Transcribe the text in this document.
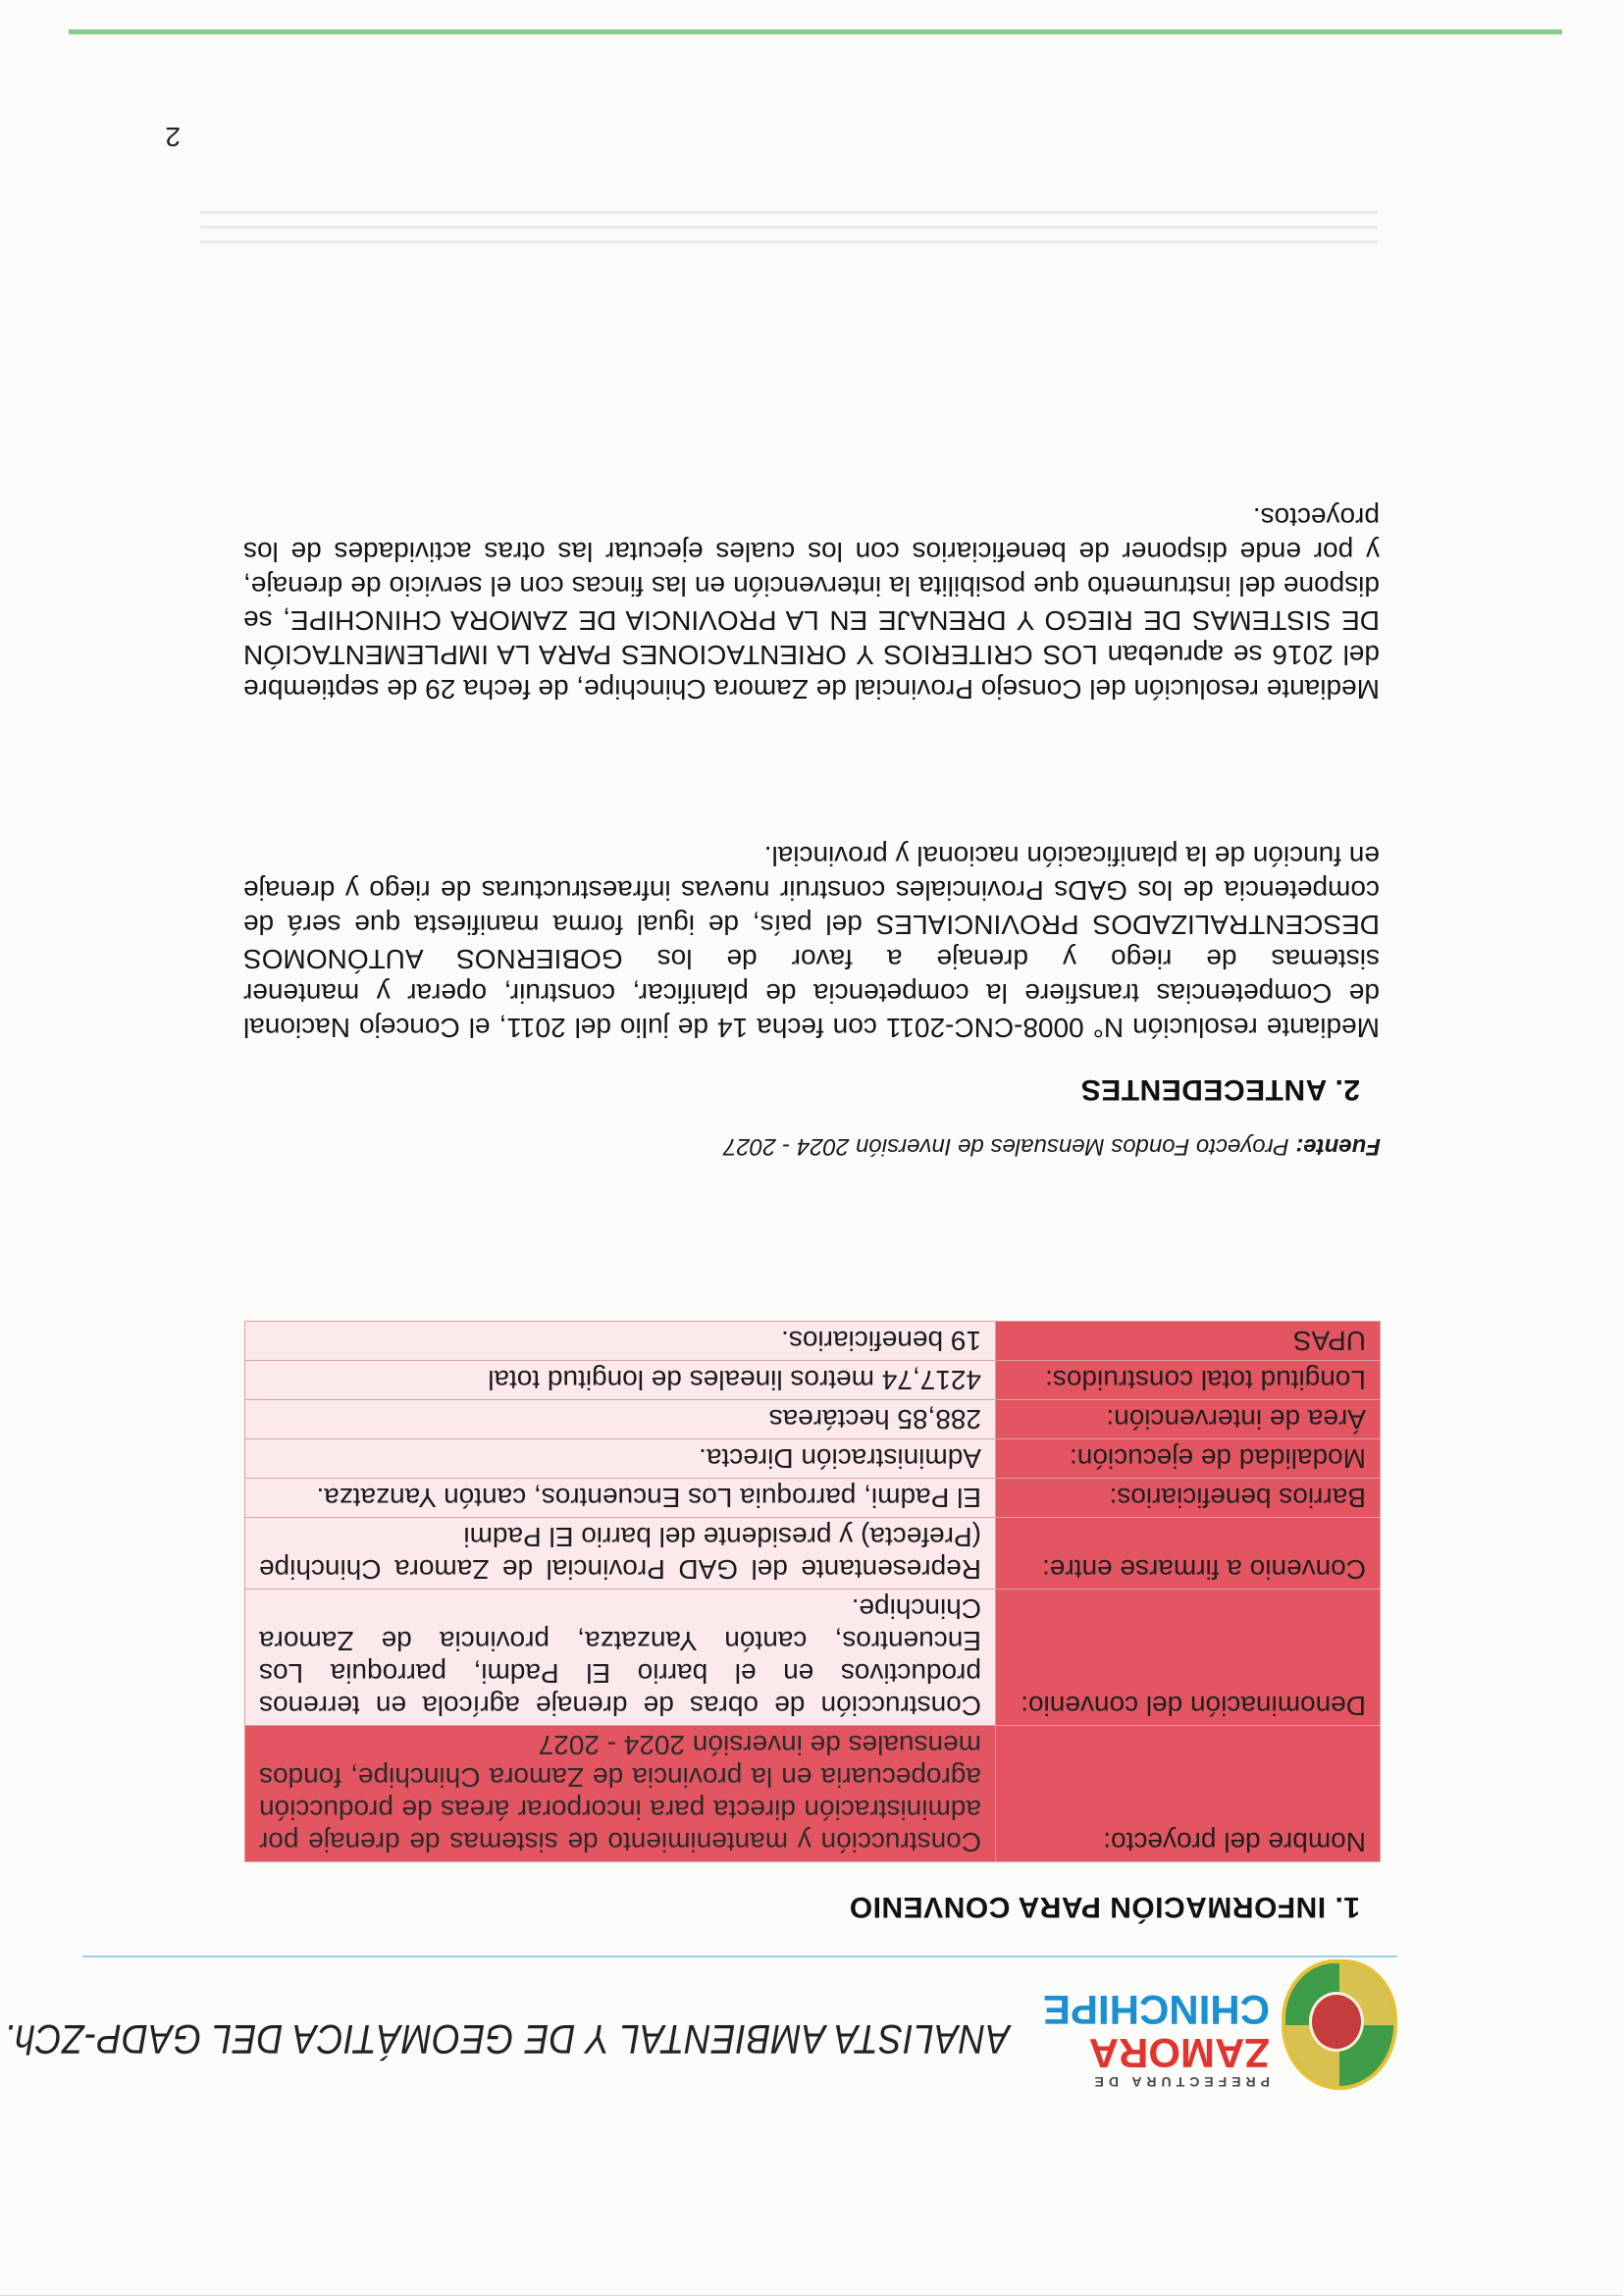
PREFECTURA DE
ZAMORA
CHINCHIPE
ANALISTA AMBIENTAL Y DE GEOMÁTICA DEL GADP-ZCh.
1. INFORMACIÓN PARA CONVENIO
Nombre del proyecto:	Construcción y mantenimiento de sistemas de drenaje por administración directa para incorporar áreas de producción agropecuaria en la provincia de Zamora Chinchipe, fondos mensuales de inversión 2024 - 2027
Denominación del convenio:	Construcción de obras de drenaje agrícola en terrenos productivos en el barrio El Padmi, parroquia Los Encuentros, cantón Yanzatza, provincia de Zamora Chinchipe.
Convenio a firmarse entre:	Representante del GAD Provincial de Zamora Chinchipe (Prefecta) y presidente del barrio El Padmi
Barrios beneficiarios:	El Padmi, parroquia Los Encuentros, cantón Yanzatza.
Modalidad de ejecución:	Administración Directa.
Área de intervención:	288,85 hectáreas
Longitud total construidos:	4217,74 metros lineales de longitud total
UPAS	19 beneficiarios.
Fuente: Proyecto Fondos Mensuales de Inversión 2024 - 2027
2. ANTECEDENTES
Mediante resolución N° 0008-CNC-2011 con fecha 14 de julio del 2011, el Concejo Nacional de Competencias transfiere la competencia de planificar, construir, operar y mantener sistemas de riego y drenaje a favor de los GOBIERNOS AUTÓNOMOS DESCENTRALIZADOS PROVINCIALES del país, de igual forma manifiesta que será de competencia de los GADs Provinciales construir nuevas infraestructuras de riego y drenaje en función de la planificación nacional y provincial.
Mediante resolución del Consejo Provincial de Zamora Chinchipe, de fecha 29 de septiembre del 2016 se aprueban LOS CRITERIOS Y ORIENTACIONES PARA LA IMPLEMENTACIÓN DE SISTEMAS DE RIEGO Y DRENAJE EN LA PROVINCIA DE ZAMORA CHINCHIPE, se dispone del instrumento que posibilita la intervención en las fincas con el servicio de drenaje, y por ende disponer de beneficiarios con los cuales ejecutar las otras actividades de los proyectos.
2
